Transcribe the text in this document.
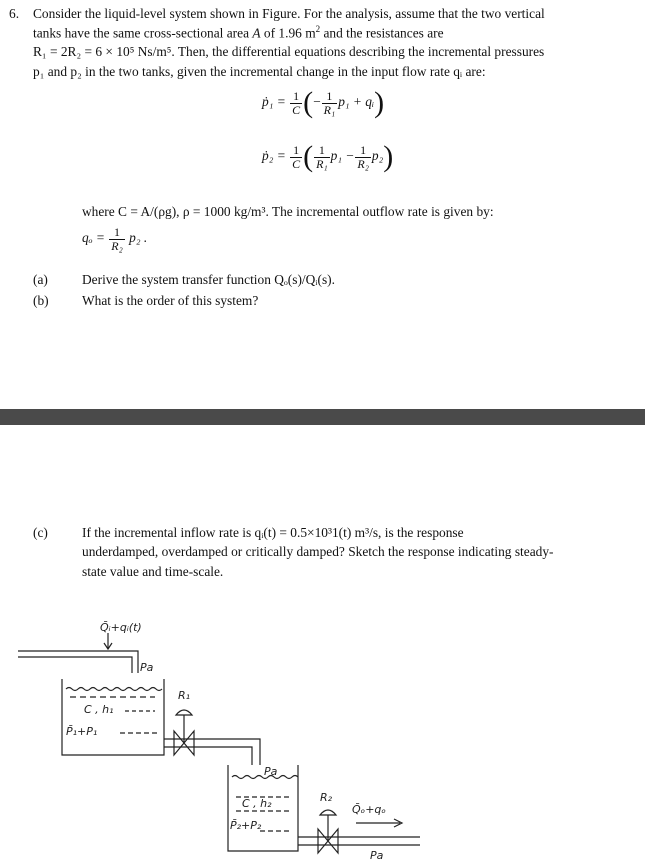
6. Consider the liquid-level system shown in Figure. For the analysis, assume that the two vertical
tanks have the same cross-sectional area A of 1.96 $m^2$ and the resistances are
R₁ = 2R₂ = 6 × 10⁵ Ns/m⁵. Then, the differential equations describing the incremental pressures
p₁ and p₂ in the two tanks, given the incremental change in the input flow rate qᵢ are:
ṗ₁ = $\frac{1}{C}$ (− $\frac{1}{\text{R₁}} p_1$ + qᵢ)
ṗ₂ = $\frac{1}{C}$ ( $\frac{1}{\text{R₁}} p_1 - \frac{1}{\text{R₂}} p_2$)
where C = A/(ρg), ρ = 1000 kg/m³. The incremental outflow rate is given by:
$q_o = \frac{1}{\text{R₂}} p_2$ .
(a)	Derive the system transfer function Qₒ(s)/Qᵢ(s).
(b) What is the order of this system?
(c)	If the incremental inflow rate is qᵢ(t) = 0.5×10³1(t) m³/s, is the response
underdamped, overdamped or critically damped? Sketch the response indicating steady-
state value and time-scale.
Q̄ᵢ+qᵢ(t)
Pa
C , h₁
P̄₁+P₁
R₁
Pa
C , h₂
P̄₂+P₂
R₂
Q̄ₒ+qₒ
Pa
